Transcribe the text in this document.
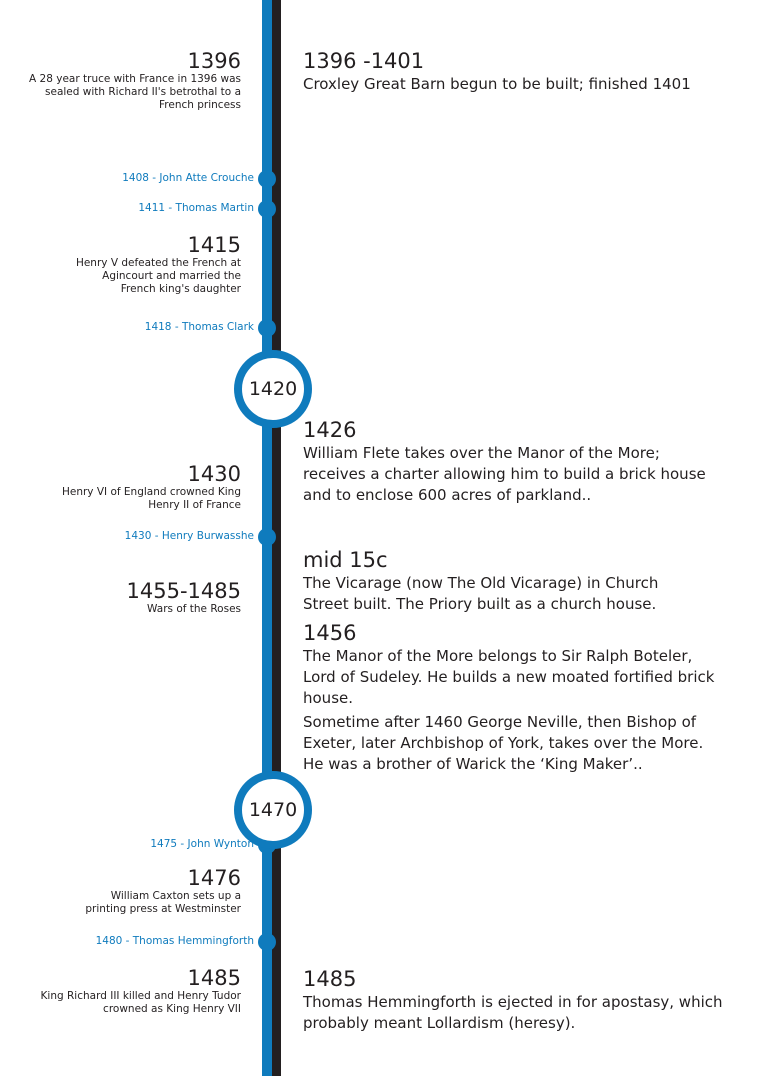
1420
1470
1396
A 28 year truce with France in 1396 was sealed with Richard II's betrothal to a French princess
1415
Henry V defeated the French at Agincourt and married the French king's daughter
1430
Henry VI of England crowned King Henry II of France
1455-1485
Wars of the Roses
1476
William Caxton sets up a printing press at Westminster
1485
King Richard III killed and Henry Tudor crowned as King Henry VII
1408 - John Atte Crouche
1411 - Thomas Martin
1418 - Thomas Clark
1430 - Henry Burwasshe
1475 - John Wynton
1480 - Thomas Hemmingforth
1396 -1401
Croxley Great Barn begun to be built; finished 1401
1426
William Flete takes over the Manor of the More; receives a charter allowing him to build a brick house and to enclose 600 acres of parkland..
mid 15c
The Vicarage (now The Old Vicarage) in Church Street built. The Priory built as a church house.
1456
The Manor of the More belongs to Sir Ralph Boteler, Lord of Sudeley. He builds a new moated fortified brick house.
Sometime after 1460 George Neville, then Bishop of Exeter, later Archbishop of York, takes over the More. He was a brother of Warick the ‘King Maker’..
1485
Thomas Hemmingforth is ejected in for apostasy, which probably meant Lollardism (heresy).
